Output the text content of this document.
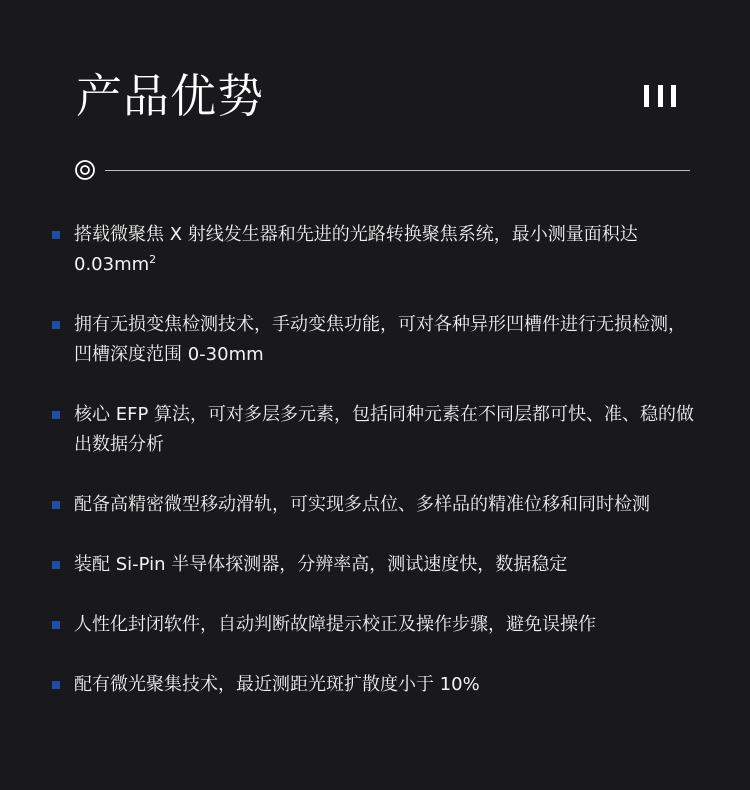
产品优势
搭载微聚焦 X 射线发生器和先进的光路转换聚焦系统，最小测量面积达 $0.03mm^2$
拥有无损变焦检测技术，手动变焦功能，可对各种异形凹槽件进行无损检测，凹槽深度范围 0-30mm
核心 EFP 算法，可对多层多元素，包括同种元素在不同层都可快、准、稳的做出数据分析
配备高精密微型移动滑轨，可实现多点位、多样品的精准位移和同时检测
装配 Si-Pin 半导体探测器，分辨率高，测试速度快，数据稳定
人性化封闭软件，自动判断故障提示校正及操作步骤，避免误操作
配有微光聚集技术，最近测距光斑扩散度小于 10%
